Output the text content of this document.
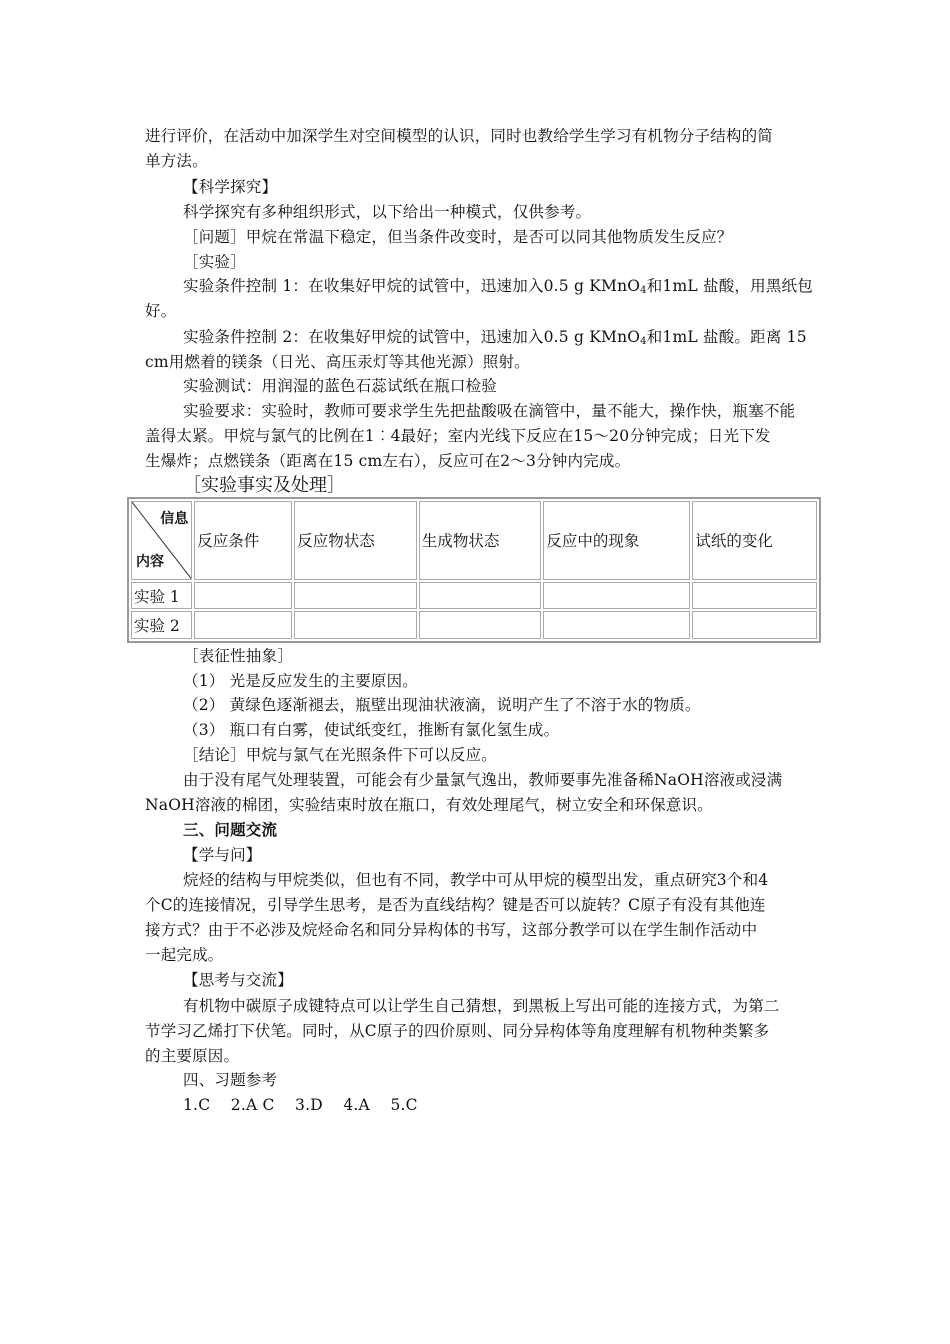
进行评价，在活动中加深学生对空间模型的认识，同时也教给学生学习有机物分子结构的简
单方法。
【科学探究】
科学探究有多种组织形式，以下给出一种模式，仅供参考。
［问题］甲烷在常温下稳定，但当条件改变时，是否可以同其他物质发生反应？
［实验］
实验条件控制 1：在收集好甲烷的试管中，迅速加入0.5 g KMnO$_4$和1mL 盐酸，用黑纸包
好。
实验条件控制 2：在收集好甲烷的试管中，迅速加入0.5 g KMnO$_4$和1mL 盐酸。距离 15
cm用燃着的镁条（日光、高压汞灯等其他光源）照射。
实验测试：用润湿的蓝色石蕊试纸在瓶口检验
实验要求：实验时，教师可要求学生先把盐酸吸在滴管中，量不能大，操作快，瓶塞不能
盖得太紧。甲烷与氯气的比例在1︰4最好；室内光线下反应在15～20分钟完成；日光下发
生爆炸；点燃镁条（距离在15 cm左右），反应可在2～3分钟内完成。
［实验事实及处理］
信息
内容	反应条件	反应物状态	生成物状态	反应中的现象	试纸的变化
实验 1					
实验 2					
［表征性抽象］
（1） 光是反应发生的主要原因。
（2） 黄绿色逐渐褪去，瓶壁出现油状液滴，说明产生了不溶于水的物质。
（3） 瓶口有白雾，使试纸变红，推断有氯化氢生成。
［结论］甲烷与氯气在光照条件下可以反应。
由于没有尾气处理装置，可能会有少量氯气逸出，教师要事先准备稀NaOH溶液或浸满
NaOH溶液的棉团，实验结束时放在瓶口，有效处理尾气，树立安全和环保意识。
三、问题交流
【学与问】
烷烃的结构与甲烷类似，但也有不同，教学中可从甲烷的模型出发，重点研究3个和4
个C的连接情况，引导学生思考，是否为直线结构？键是否可以旋转？C原子有没有其他连
接方式？由于不必涉及烷烃命名和同分异构体的书写，这部分教学可以在学生制作活动中
一起完成。
【思考与交流】
有机物中碳原子成键特点可以让学生自己猜想，到黑板上写出可能的连接方式，为第二
节学习乙烯打下伏笔。同时，从C原子的四价原则、同分异构体等角度理解有机物种类繁多
的主要原因。
四、习题参考
1.C    2.A C    3.D    4.A    5.C
